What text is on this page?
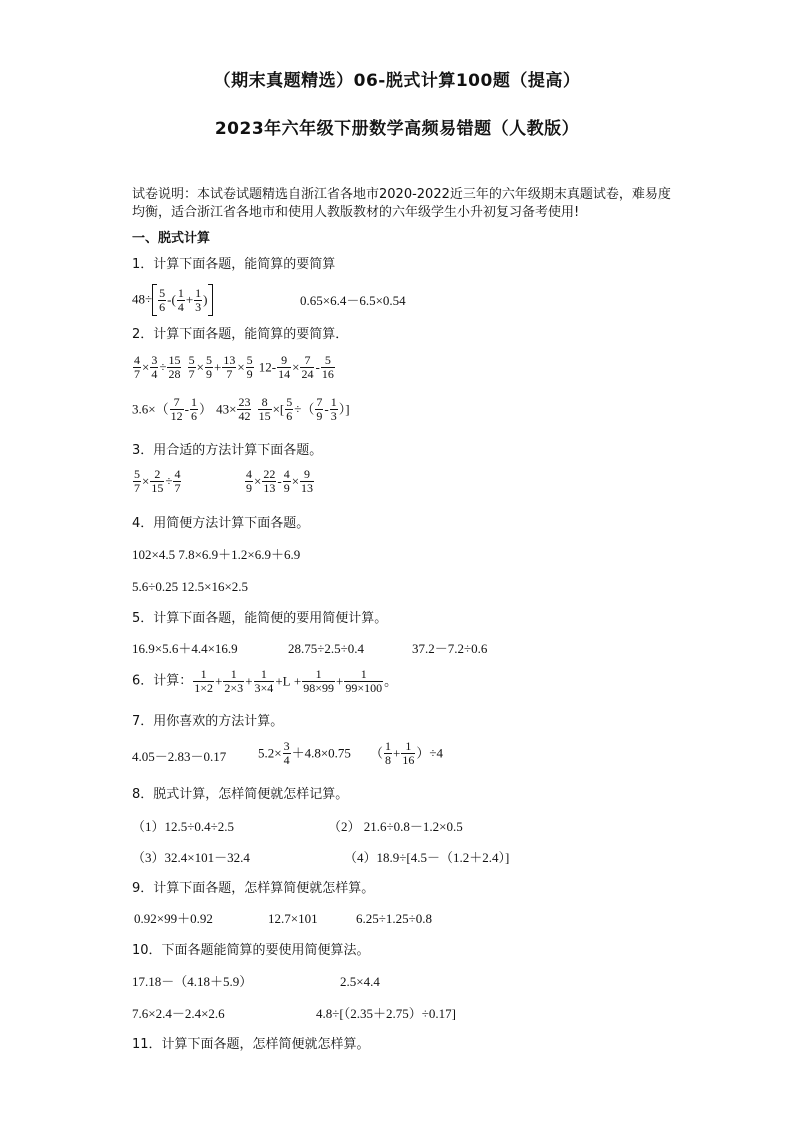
（期末真题精选）06-脱式计算100题（提高）
2023年六年级下册数学高频易错题（人教版）
试卷说明：本试卷试题精选自浙江省各地市2020-2022近三年的六年级期末真题试卷，难易度均衡，适合浙江省各地市和使用人教版教材的六年级学生小升初复习备考使用!
一、脱式计算
1．计算下面各题，能简算的要简算
$48\div \frac{5}{6}$ -( $\frac{1}{4} + \frac{1}{3}$ )	0.65×6.4－6.5×0.54
2．计算下面各题，能简算的要简算．
$\frac{4}{7} \times \frac{3}{4} \div \frac{15}{28}$
$\frac{5}{7} \times \frac{5}{9} + \frac{13}{7} \times \frac{5}{9} 12- \frac{9}{14} \times \frac{7}{24} - \frac{5}{16}$
$3.6\times( \frac{7}{12} - \frac{1}{6}$ ） $43\times \frac{23}{42}$
$\frac{8}{15}$ ×[ $\frac{5}{6}$ ÷（ $\frac{7}{9} - \frac{1}{3}$ ）]
3．用合适的方法计算下面各题。
$\frac{5}{7} \times \frac{2}{15} \div \frac{4}{7}$	$\frac{4}{9} \times \frac{22}{13} - \frac{4}{9} \times \frac{9}{13}$
4．用简便方法计算下面各题。
102×4.5 7.8×6.9＋1.2×6.9＋6.9
5.6÷0.25 12.5×16×2.5
5．计算下面各题，能简便的要用简便计算。
16.9×5.6＋4.4×16.9	28.75÷2.5÷0.4	37.2－7.2÷0.6
6．计算： $\frac{1}{1\times 2} + \frac{1}{2\times 3} + \frac{1}{3\times 4} +L + \frac{1}{98\times 99} + \frac{1}{99\times 100}$ 。
7．用你喜欢的方法计算。
4.05－2.83－0.17 $5.2\times \frac{3}{4} +4.8\times 0.75$ （ $\frac{1}{8} + \frac{1}{16} )\div 4$
8．脱式计算，怎样简便就怎样记算。
（1）12.5÷0.4÷2.5	（2） 21.6÷0.8－1.2×0.5
（3）32.4×101－32.4	（4）18.9÷[4.5－（1.2＋2.4）]
9．计算下面各题，怎样算简便就怎样算。
0.92×99＋0.92	12.7×101	6.25÷1.25÷0.8
10．下面各题能简算的要使用简便算法。
17.18－（4.18＋5.9）	2.5×4.4
7.6×2.4－2.4×2.6	4.8÷[（2.35＋2.75）÷0.17]
11．计算下面各题，怎样简便就怎样算。
